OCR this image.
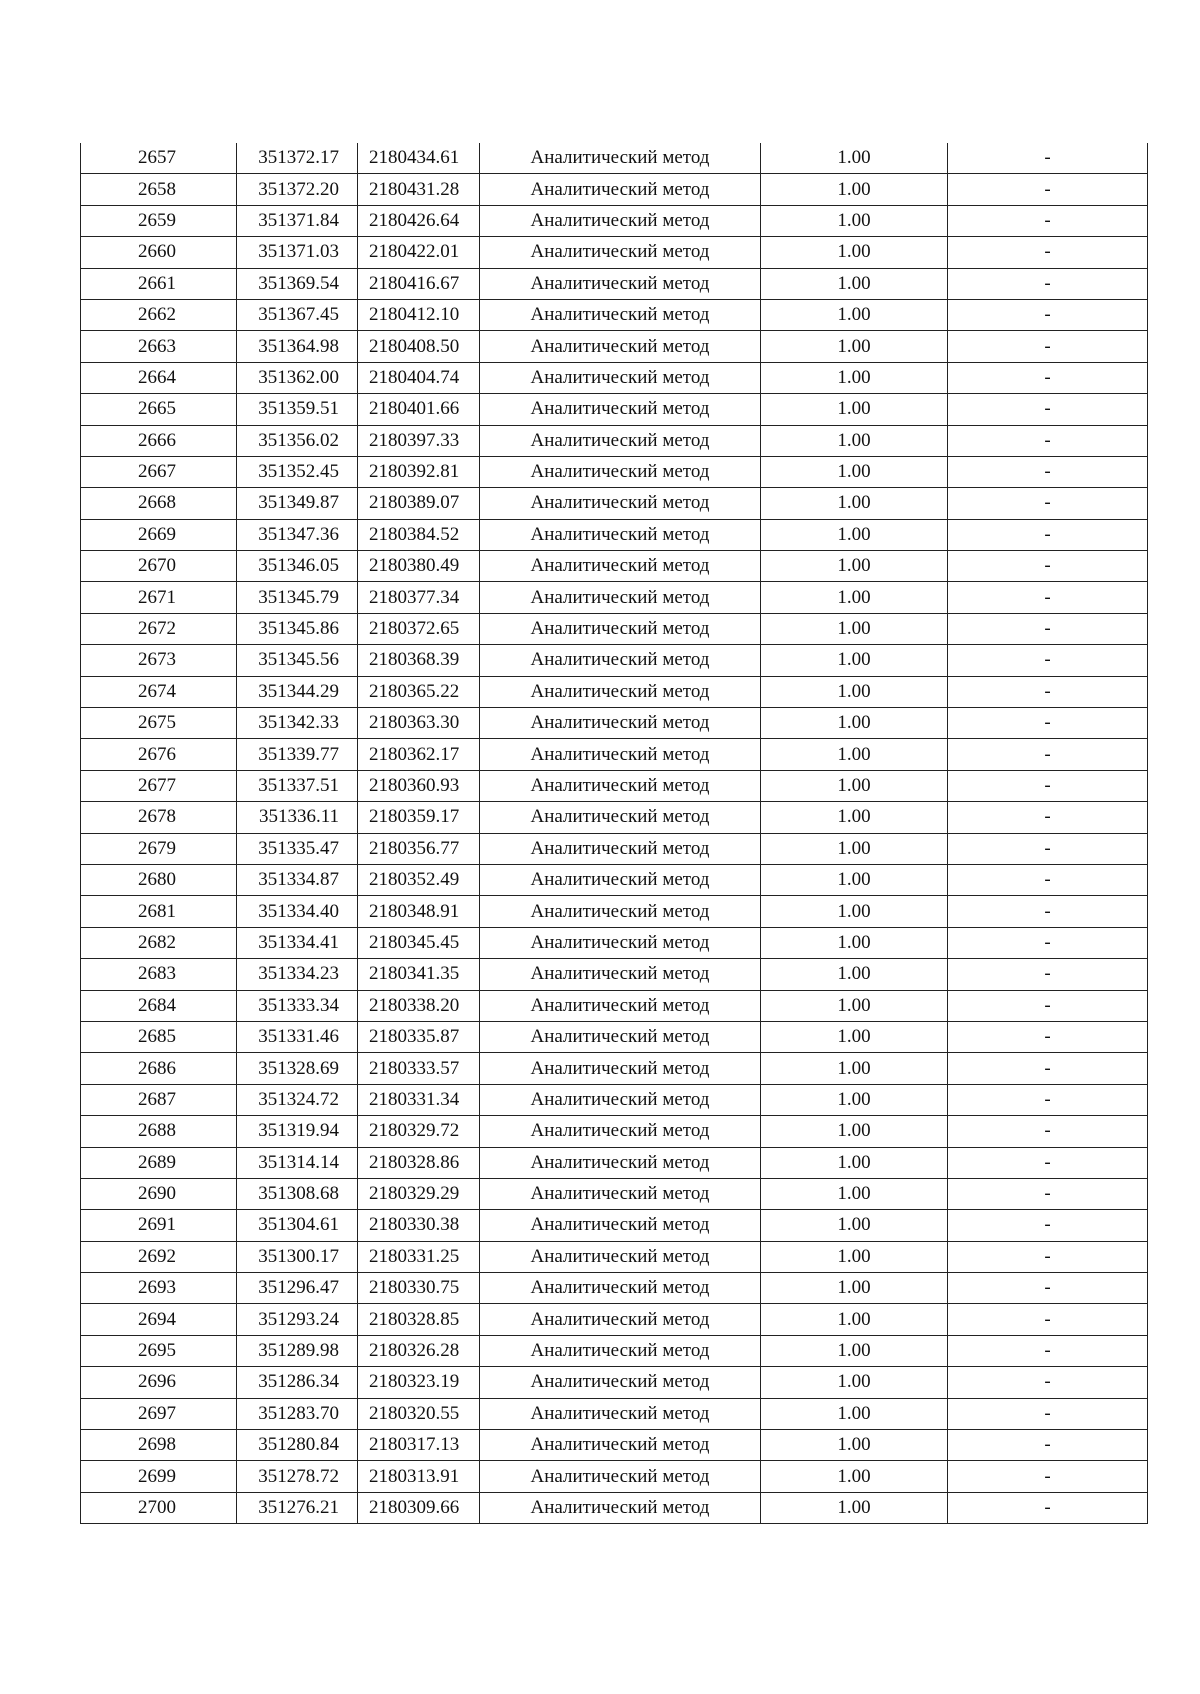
2657	351372.17	2180434.61	Аналитический метод	1.00	-
2658	351372.20	2180431.28	Аналитический метод	1.00	-
2659	351371.84	2180426.64	Аналитический метод	1.00	-
2660	351371.03	2180422.01	Аналитический метод	1.00	-
2661	351369.54	2180416.67	Аналитический метод	1.00	-
2662	351367.45	2180412.10	Аналитический метод	1.00	-
2663	351364.98	2180408.50	Аналитический метод	1.00	-
2664	351362.00	2180404.74	Аналитический метод	1.00	-
2665	351359.51	2180401.66	Аналитический метод	1.00	-
2666	351356.02	2180397.33	Аналитический метод	1.00	-
2667	351352.45	2180392.81	Аналитический метод	1.00	-
2668	351349.87	2180389.07	Аналитический метод	1.00	-
2669	351347.36	2180384.52	Аналитический метод	1.00	-
2670	351346.05	2180380.49	Аналитический метод	1.00	-
2671	351345.79	2180377.34	Аналитический метод	1.00	-
2672	351345.86	2180372.65	Аналитический метод	1.00	-
2673	351345.56	2180368.39	Аналитический метод	1.00	-
2674	351344.29	2180365.22	Аналитический метод	1.00	-
2675	351342.33	2180363.30	Аналитический метод	1.00	-
2676	351339.77	2180362.17	Аналитический метод	1.00	-
2677	351337.51	2180360.93	Аналитический метод	1.00	-
2678	351336.11	2180359.17	Аналитический метод	1.00	-
2679	351335.47	2180356.77	Аналитический метод	1.00	-
2680	351334.87	2180352.49	Аналитический метод	1.00	-
2681	351334.40	2180348.91	Аналитический метод	1.00	-
2682	351334.41	2180345.45	Аналитический метод	1.00	-
2683	351334.23	2180341.35	Аналитический метод	1.00	-
2684	351333.34	2180338.20	Аналитический метод	1.00	-
2685	351331.46	2180335.87	Аналитический метод	1.00	-
2686	351328.69	2180333.57	Аналитический метод	1.00	-
2687	351324.72	2180331.34	Аналитический метод	1.00	-
2688	351319.94	2180329.72	Аналитический метод	1.00	-
2689	351314.14	2180328.86	Аналитический метод	1.00	-
2690	351308.68	2180329.29	Аналитический метод	1.00	-
2691	351304.61	2180330.38	Аналитический метод	1.00	-
2692	351300.17	2180331.25	Аналитический метод	1.00	-
2693	351296.47	2180330.75	Аналитический метод	1.00	-
2694	351293.24	2180328.85	Аналитический метод	1.00	-
2695	351289.98	2180326.28	Аналитический метод	1.00	-
2696	351286.34	2180323.19	Аналитический метод	1.00	-
2697	351283.70	2180320.55	Аналитический метод	1.00	-
2698	351280.84	2180317.13	Аналитический метод	1.00	-
2699	351278.72	2180313.91	Аналитический метод	1.00	-
2700	351276.21	2180309.66	Аналитический метод	1.00	-
